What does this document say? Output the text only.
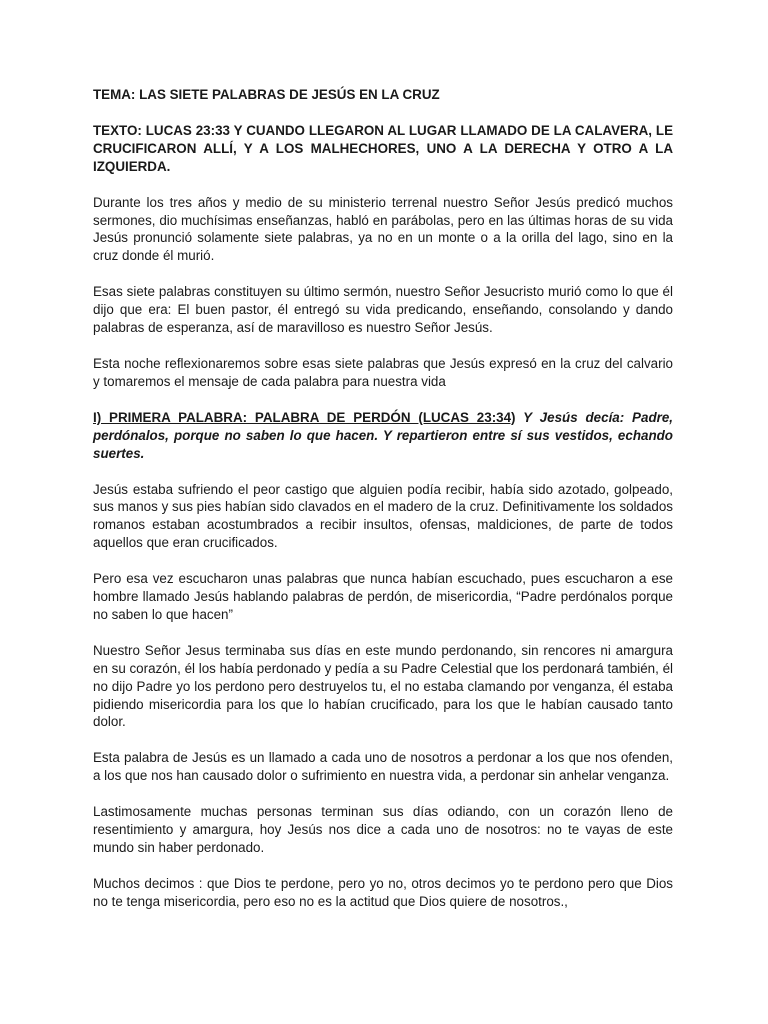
TEMA: LAS SIETE PALABRAS DE JESÚS EN LA CRUZ

TEXTO: LUCAS 23:33 Y CUANDO LLEGARON AL LUGAR LLAMADO DE LA CALAVERA, LE CRUCIFICARON ALLÍ, Y A LOS MALHECHORES, UNO A LA DERECHA Y OTRO A LA IZQUIERDA.

Durante los tres años y medio de su ministerio terrenal nuestro Señor Jesús predicó muchos sermones, dio muchísimas enseñanzas, habló en parábolas, pero en las últimas horas de su vida Jesús pronunció solamente siete palabras, ya no en un monte o a la orilla del lago, sino en la cruz donde él murió.

Esas siete palabras constituyen su último sermón, nuestro Señor Jesucristo murió como lo que él dijo que era: El buen pastor, él entregó su vida predicando, enseñando, consolando y dando palabras de esperanza, así de maravilloso es nuestro Señor Jesús.

Esta noche reflexionaremos sobre esas siete palabras que Jesús expresó en la cruz del calvario y tomaremos el mensaje de cada palabra para nuestra vida

I) PRIMERA PALABRA: PALABRA DE PERDÓN (LUCAS 23:34) Y Jesús decía: Padre, perdónalos, porque no saben lo que hacen. Y repartieron entre sí sus vestidos, echando suertes.

Jesús estaba sufriendo el peor castigo que alguien podía recibir, había sido azotado, golpeado, sus manos y sus pies habían sido clavados en el madero de la cruz. Definitivamente los soldados romanos estaban acostumbrados a recibir insultos, ofensas, maldiciones, de parte de todos aquellos que eran crucificados.

Pero esa vez escucharon unas palabras que nunca habían escuchado, pues escucharon a ese hombre llamado Jesús hablando palabras de perdón, de misericordia, “Padre perdónalos porque no saben lo que hacen”

Nuestro Señor Jesus terminaba sus días en este mundo perdonando, sin rencores ni amargura en su corazón, él los había perdonado y pedía a su Padre Celestial que los perdonará también, él no dijo Padre yo los perdono pero destruyelos tu, el no estaba clamando por venganza, él estaba pidiendo misericordia para los que lo habían crucificado, para los que le habían causado tanto dolor.

Esta palabra de Jesús es un llamado a cada uno de nosotros a perdonar a los que nos ofenden, a los que nos han causado dolor o sufrimiento en nuestra vida, a perdonar sin anhelar venganza.

Lastimosamente muchas personas terminan sus días odiando, con un corazón lleno de resentimiento y amargura, hoy Jesús nos dice a cada uno de nosotros: no te vayas de este mundo sin haber perdonado.

Muchos decimos : que Dios te perdone, pero yo no, otros decimos yo te perdono pero que Dios no te tenga misericordia, pero eso no es la actitud que Dios quiere de nosotros.,
